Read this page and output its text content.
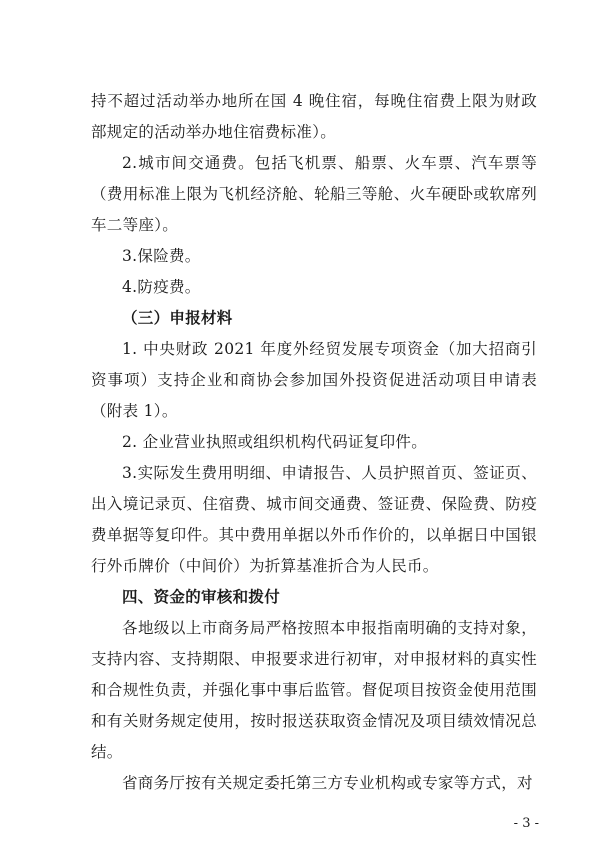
持不超过活动举办地所在国 4 晚住宿，每晚住宿费上限为财政部规定的活动举办地住宿费标准）。

2.城市间交通费。包括飞机票、船票、火车票、汽车票等（费用标准上限为飞机经济舱、轮船三等舱、火车硬卧或软席列车二等座）。

3.保险费。

4.防疫费。

（三）申报材料

1. 中央财政 2021 年度外经贸发展专项资金（加大招商引资事项）支持企业和商协会参加国外投资促进活动项目申请表（附表 1）。

2. 企业营业执照或组织机构代码证复印件。

3.实际发生费用明细、申请报告、人员护照首页、签证页、出入境记录页、住宿费、城市间交通费、签证费、保险费、防疫费单据等复印件。其中费用单据以外币作价的，以单据日中国银行外币牌价（中间价）为折算基准折合为人民币。

四、资金的审核和拨付

各地级以上市商务局严格按照本申报指南明确的支持对象，支持内容、支持期限、申报要求进行初审，对申报材料的真实性和合规性负责，并强化事中事后监管。督促项目按资金使用范围和有关财务规定使用，按时报送获取资金情况及项目绩效情况总结。

省商务厅按有关规定委托第三方专业机构或专家等方式，对

- 3 -
